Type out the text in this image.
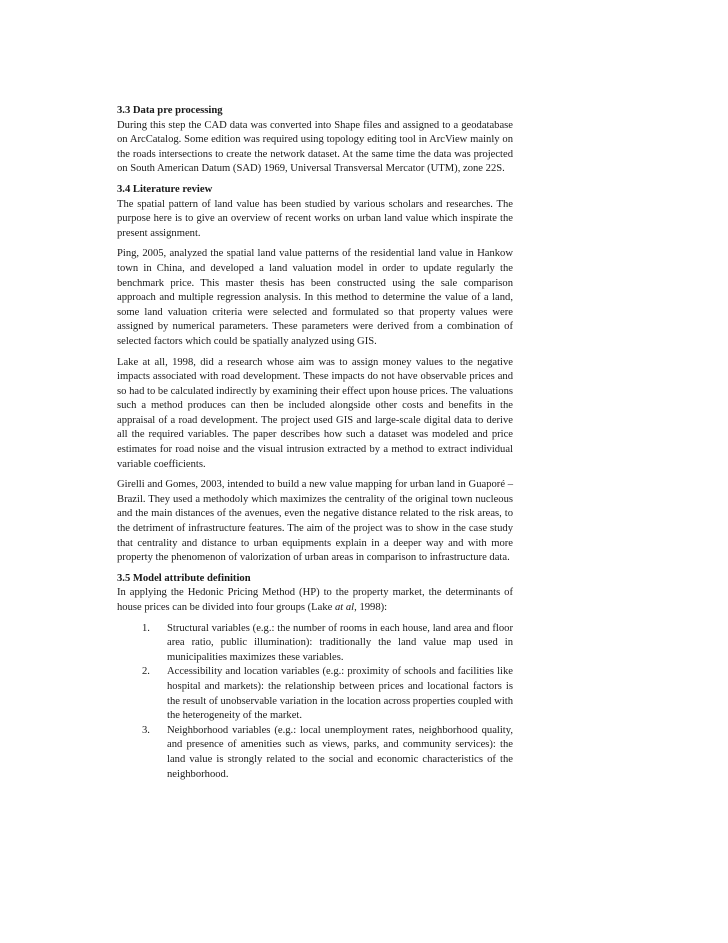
3.3 Data pre processing

During this step the CAD data was converted into Shape files and assigned to a geodatabase on ArcCatalog. Some edition was required using topology editing tool in ArcView mainly on the roads intersections to create the network dataset. At the same time the data was projected on South American Datum (SAD) 1969, Universal Transversal Mercator (UTM), zone 22S.

3.4 Literature review

The spatial pattern of land value has been studied by various scholars and researches. The purpose here is to give an overview of recent works on urban land value which inspirate the present assignment.

Ping, 2005, analyzed the spatial land value patterns of the residential land value in Hankow town in China, and developed a land valuation model in order to update regularly the benchmark price. This master thesis has been constructed using the sale comparison approach and multiple regression analysis. In this method to determine the value of a land, some land valuation criteria were selected and formulated so that property values were assigned by numerical parameters. These parameters were derived from a combination of selected factors which could be spatially analyzed using GIS.

Lake at all, 1998, did a research whose aim was to assign money values to the negative impacts associated with road development. These impacts do not have observable prices and so had to be calculated indirectly by examining their effect upon house prices. The valuations such a method produces can then be included alongside other costs and benefits in the appraisal of a road development. The project used GIS and large-scale digital data to derive all the required variables. The paper describes how such a dataset was modeled and price estimates for road noise and the visual intrusion extracted by a method to extract individual variable coefficients.

Girelli and Gomes, 2003, intended to build a new value mapping for urban land in Guaporé – Brazil. They used a methodoly which maximizes the centrality of the original town nucleous and the main distances of the avenues, even the negative distance related to the risk areas, to the detriment of infrastructure features. The aim of the project was to show in the case study that centrality and distance to urban equipments explain in a deeper way and with more property the phenomenon of valorization of urban areas in comparison to infrastructure data.

3.5 Model attribute definition

In applying the Hedonic Pricing Method (HP) to the property market, the determinants of house prices can be divided into four groups (Lake at al, 1998):

1. Structural variables (e.g.: the number of rooms in each house, land area and floor area ratio, public illumination): traditionally the land value map used in municipalities maximizes these variables.
2. Accessibility and location variables (e.g.: proximity of schools and facilities like hospital and markets): the relationship between prices and locational factors is the result of unobservable variation in the location across properties coupled with the heterogeneity of the market.
3. Neighborhood variables (e.g.: local unemployment rates, neighborhood quality, and presence of amenities such as views, parks, and community services): the land value is strongly related to the social and economic characteristics of the neighborhood.
